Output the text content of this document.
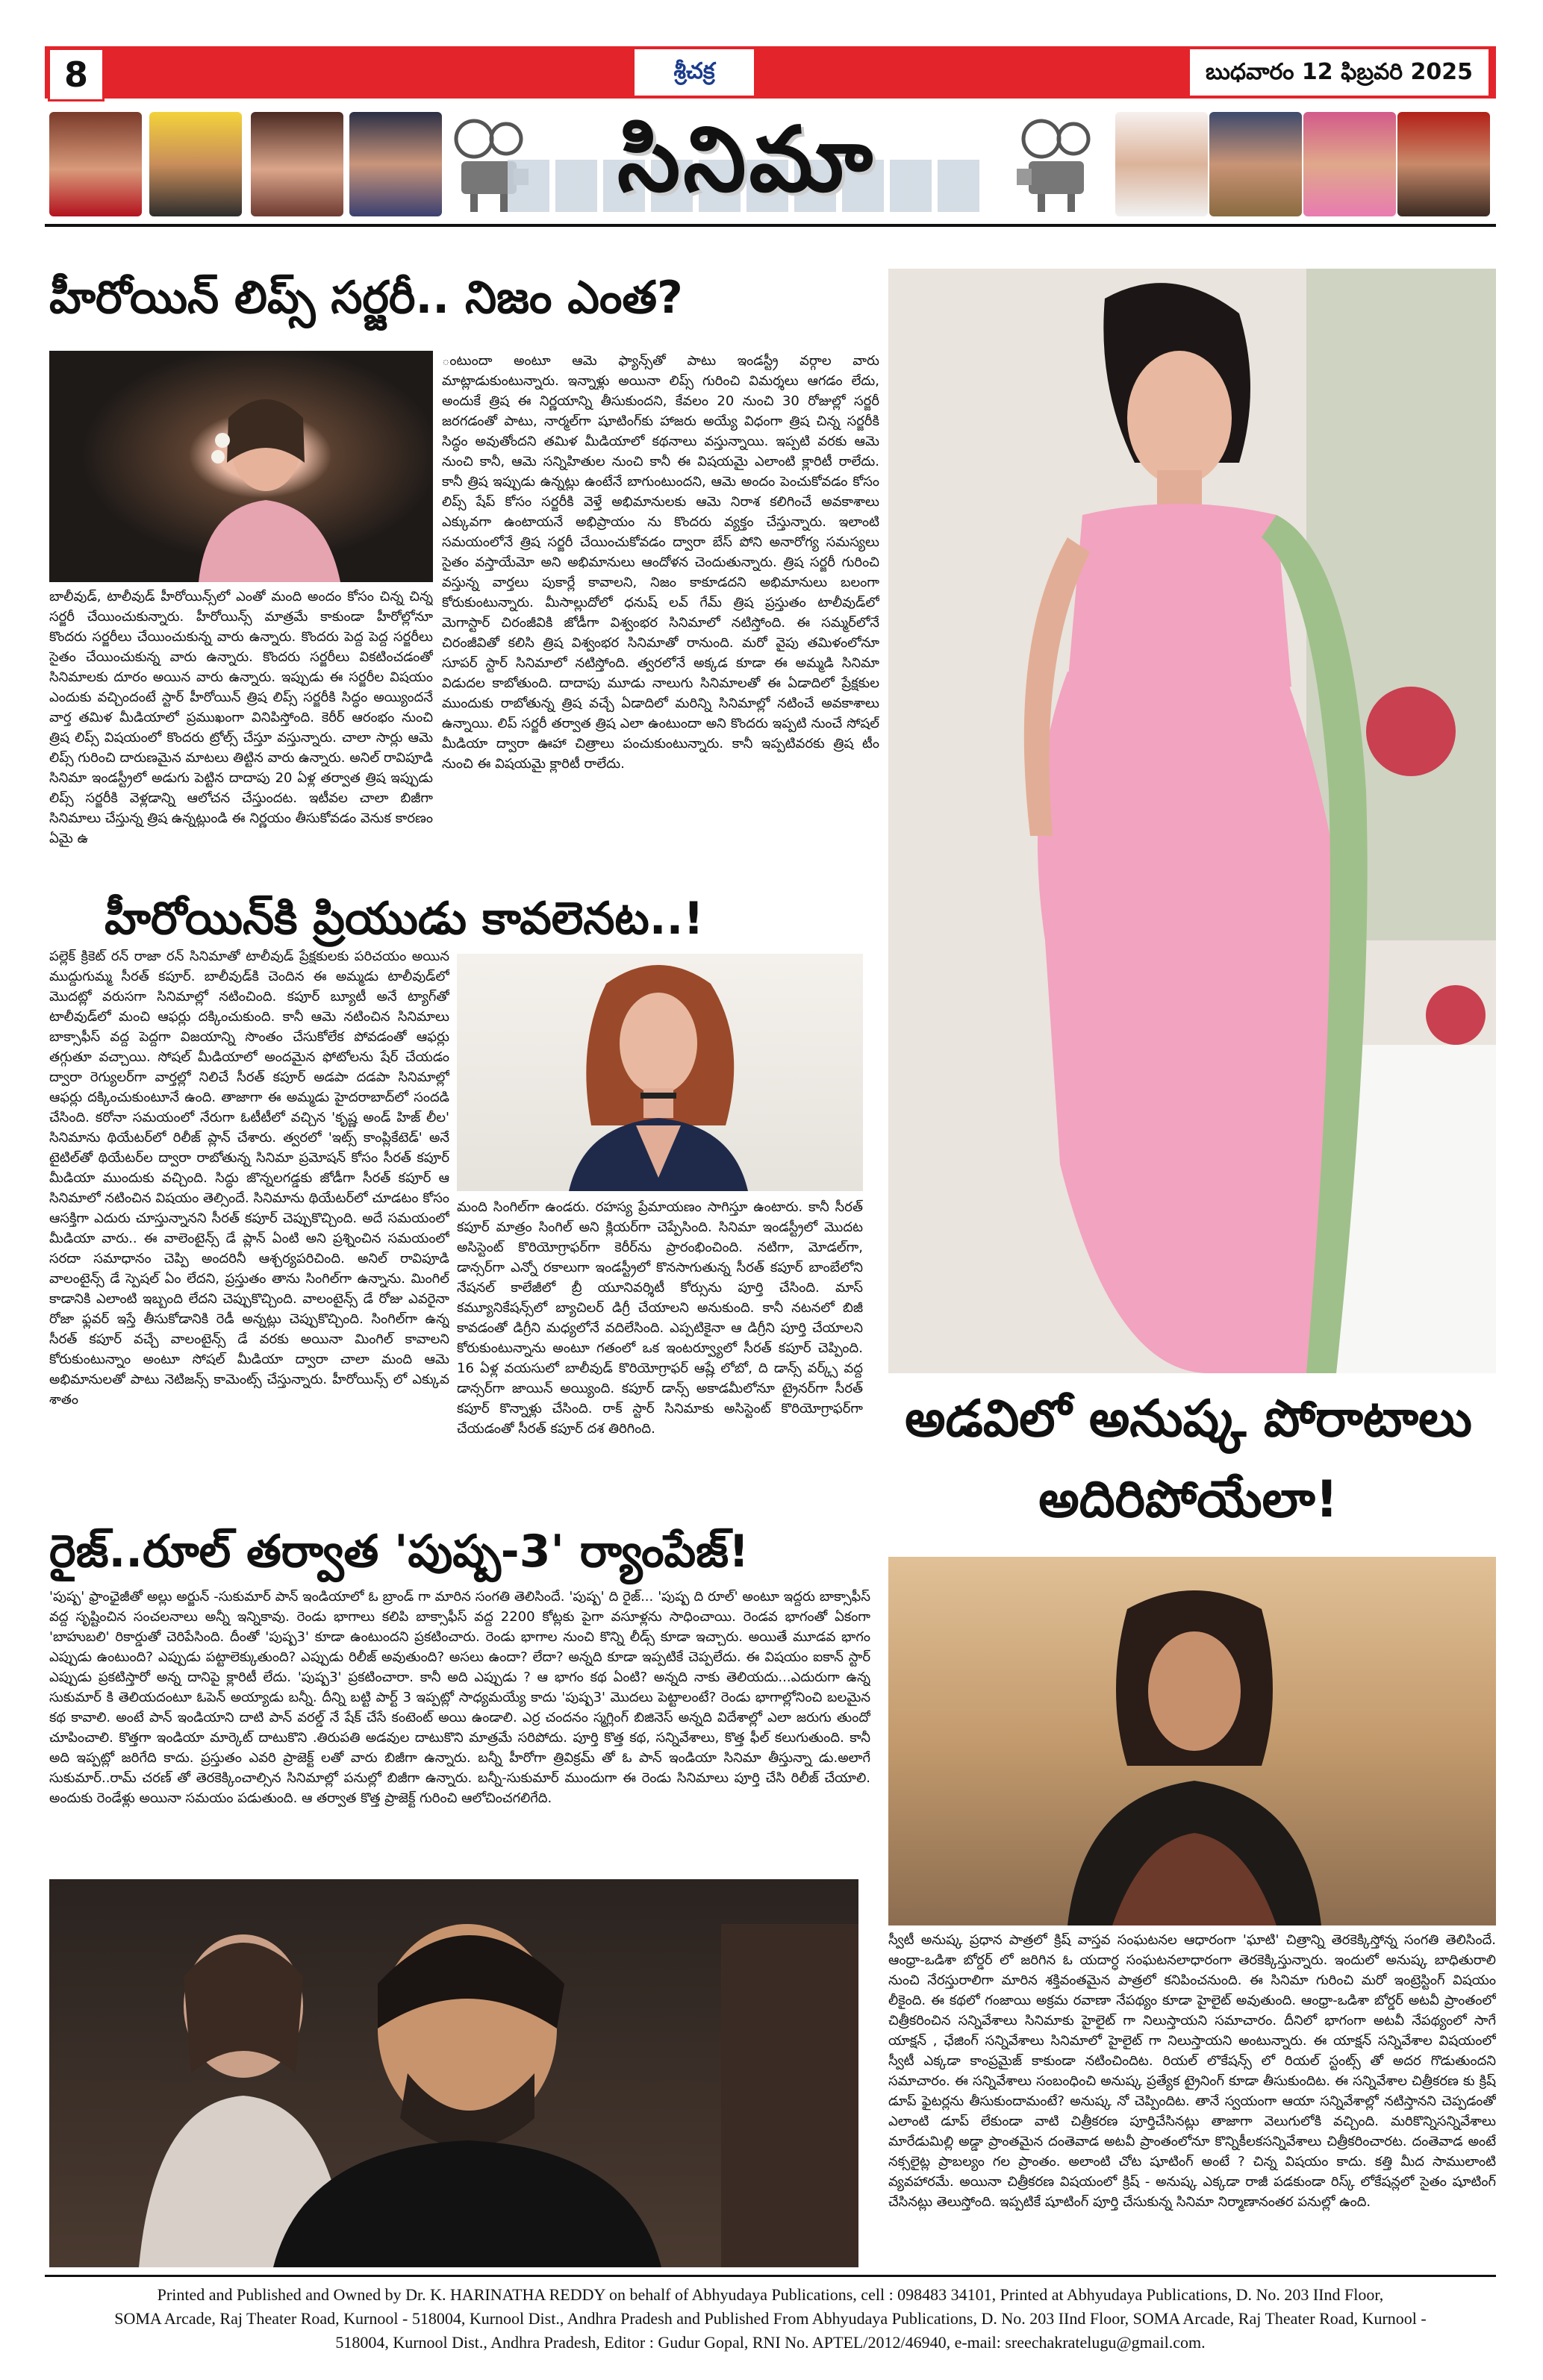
8	శ్రీచక్ర	బుధవారం 12 ఫిబ్రవరి 2025
సినిమా
హీరోయిన్ లిప్స్ సర్జరీ.. నిజం ఎంత?
బాలీవుడ్, టాలీవుడ్ హీరోయిన్స్‌లో ఎంతో మంది అందం కోసం చిన్న చిన్న సర్జరీ చేయించుకున్నారు. హీరోయిన్స్ మాత్రమే కాకుండా హీరోల్లోనూ కొందరు సర్జరీలు చేయించుకున్న వారు ఉన్నారు. కొందరు పెద్ద పెద్ద సర్జరీలు సైతం చేయించుకున్న వారు ఉన్నారు. కొందరు సర్జరీలు వికటించడంతో సినిమాలకు దూరం అయిన వారు ఉన్నారు. ఇప్పుడు ఈ సర్జరీల విషయం ఎందుకు వచ్చిందంటే స్టార్ హీరోయిన్ త్రిష లిప్స్ సర్జరీకి సిద్ధం అయ్యిందనే వార్త తమిళ మీడియాలో ప్రముఖంగా వినిపిస్తోంది. కెరీర్ ఆరంభం నుంచి త్రిష లిప్స్ విషయంలో కొందరు ట్రోల్స్ చేస్తూ వస్తున్నారు. చాలా సార్లు ఆమె లిప్స్ గురించి దారుణమైన మాటలు తిట్టిన వారు ఉన్నారు. అనిల్ రావిపూడి సినిమా ఇండస్ట్రీలో అడుగు పెట్టిన దాదాపు 20 ఏళ్ల తర్వాత త్రిష ఇప్పుడు లిప్స్ సర్జరీకి వెళ్లడాన్ని ఆలోచన చేస్తుందట. ఇటీవల చాలా బిజీగా సినిమాలు చేస్తున్న త్రిష ఉన్నట్లుండి ఈ నిర్ణయం తీసుకోవడం వెనుక కారణం ఏమై ఉ
ంటుందా అంటూ ఆమె ఫ్యాన్స్‌తో పాటు ఇండస్ట్రీ వర్గాల వారు మాట్లాడుకుంటున్నారు. ఇన్నాళ్లు అయినా లిప్స్ గురించి విమర్శలు ఆగడం లేదు, అందుకే త్రిష ఈ నిర్ణయాన్ని తీసుకుందని, కేవలం 20 నుంచి 30 రోజుల్లో సర్జరీ జరగడంతో పాటు, నార్మల్‌గా షూటింగ్‌కు హాజరు అయ్యే విధంగా త్రిష చిన్న సర్జరీకి సిద్ధం అవుతోందని తమిళ మీడియాలో కథనాలు వస్తున్నాయి. ఇప్పటి వరకు ఆమె నుంచి కానీ, ఆమె సన్నిహితుల నుంచి కానీ ఈ విషయమై ఎలాంటి క్లారిటీ రాలేదు. కానీ త్రిష ఇప్పుడు ఉన్నట్లు ఉంటేనే బాగుంటుందని, ఆమె అందం పెంచుకోవడం కోసం లిప్స్ షేప్ కోసం సర్జరీకి వెళ్తే అభిమానులకు ఆమె నిరాశ కలిగించే అవకాశాలు ఎక్కువగా ఉంటాయనే అభిప్రాయం ను కొందరు వ్యక్తం చేస్తున్నారు. ఇలాంటి సమయంలోనే త్రిష సర్జరీ చేయించుకోవడం ద్వారా బేస్ పోని అనారోగ్య సమస్యలు సైతం వస్తాయేమో అని అభిమానులు ఆందోళన చెందుతున్నారు. త్రిష సర్జరీ గురించి వస్తున్న వార్తలు పుకార్లే కావాలని, నిజం కాకూడదని అభిమానులు బలంగా కోరుకుంటున్నారు. మీసాల్లుదోలో ధనుష్ లవ్ గేమ్ త్రిష ప్రస్తుతం టాలీవుడ్‌లో మెగాస్టార్ చిరంజీవికి జోడీగా విశ్వంభర సినిమాలో నటిస్తోంది. ఈ సమ్మర్‌లోనే చిరంజీవితో కలిసి త్రిష విశ్వంభర సినిమాతో రానుంది. మరో వైపు తమిళంలోనూ సూపర్ స్టార్ సినిమాలో నటిస్తోంది. త్వరలోనే అక్కడ కూడా ఈ అమ్మడి సినిమా విడుదల కాబోతుంది. దాదాపు మూడు నాలుగు సినిమాలతో ఈ ఏడాదిలో ప్రేక్షకుల ముందుకు రాబోతున్న త్రిష వచ్చే ఏడాదిలో మరిన్ని సినిమాల్లో నటించే అవకాశాలు ఉన్నాయి. లిప్ సర్జరీ తర్వాత త్రిష ఎలా ఉంటుందా అని కొందరు ఇప్పటి నుంచే సోషల్ మీడియా ద్వారా ఊహా చిత్రాలు పంచుకుంటున్నారు. కానీ ఇప్పటివరకు త్రిష టీం నుంచి ఈ విషయమై క్లారిటీ రాలేదు.
హీరోయిన్‌కి ప్రియుడు కావలెనట..!
పల్లెక్ క్రికెట్ రన్ రాజా రన్ సినిమాతో టాలీవుడ్ ప్రేక్షకులకు పరిచయం అయిన ముద్దుగుమ్మ సీరత్ కపూర్. బాలీవుడ్‌కి చెందిన ఈ అమ్మడు టాలీవుడ్‌లో మొదట్లో వరుసగా సినిమాల్లో నటించింది. కపూర్ బ్యూటీ అనే ట్యాగ్‌తో టాలీవుడ్‌లో మంచి ఆఫర్లు దక్కించుకుంది. కానీ ఆమె నటించిన సినిమాలు బాక్సాఫీస్ వద్ద పెద్దగా విజయాన్ని సొంతం చేసుకోలేక పోవడంతో ఆఫర్లు తగ్గుతూ వచ్చాయి. సోషల్ మీడియాలో అందమైన ఫోటోలను షేర్ చేయడం ద్వారా రెగ్యులర్‌గా వార్తల్లో నిలిచే సీరత్ కపూర్ అడపా దడపా సినిమాల్లో ఆఫర్లు దక్కించుకుంటూనే ఉంది. తాజాగా ఈ అమ్మడు హైదరాబాద్‌లో సందడి చేసింది. కరోనా సమయంలో నేరుగా ఓటీటీలో వచ్చిన 'కృష్ణ అండ్ హిజ్ లీల' సినిమాను థియేటర్‌లో రిలీజ్ ప్లాన్ చేశారు. త్వరలో 'ఇట్స్ కాంప్లికేటెడ్' అనే టైటిల్‌తో థియేటర్‌ల ద్వారా రాబోతున్న సినిమా ప్రమోషన్ కోసం సీరత్ కపూర్ మీడియా ముందుకు వచ్చింది. సిద్ధు జొన్నలగడ్డకు జోడీగా సీరత్ కపూర్ ఆ సినిమాలో నటించిన విషయం తెల్సిందే. సినిమాను థియేటర్‌లో చూడటం కోసం ఆసక్తిగా ఎదురు చూస్తున్నానని సీరత్ కపూర్ చెప్పుకొచ్చింది. అదే సమయంలో మీడియా వారు.. ఈ వాలెంటైన్స్ డే ప్లాన్ ఏంటి అని ప్రశ్నించిన సమయంలో సరదా సమాధానం చెప్పి అందరినీ ఆశ్చర్యపరిచింది. అనిల్ రావిపూడి వాలంటైన్స్ డే స్పెషల్ ఏం లేదని, ప్రస్తుతం తాను సింగిల్‌గా ఉన్నాను. మింగిల్ కాడానికి ఎలాంటి ఇబ్బంది లేదని చెప్పుకొచ్చింది. వాలంటైన్స్ డే రోజు ఎవరైనా రోజా ఫ్లవర్ ఇస్తే తీసుకోడానికి రెడీ అన్నట్లు చెప్పుకొచ్చింది. సింగిల్‌గా ఉన్న సీరత్ కపూర్ వచ్చే వాలంటైన్స్ డే వరకు అయినా మింగిల్ కావాలని కోరుకుంటున్నాం అంటూ సోషల్ మీడియా ద్వారా చాలా మంది ఆమె అభిమానులతో పాటు నెటిజన్స్ కామెంట్స్ చేస్తున్నారు. హీరోయిన్స్ లో ఎక్కువ శాతం
మంది సింగిల్‌గా ఉండరు. రహస్య ప్రేమాయణం సాగిస్తూ ఉంటారు. కానీ సీరత్ కపూర్ మాత్రం సింగిల్ అని క్లియర్‌గా చెప్పేసింది. సినిమా ఇండస్ట్రీలో మొదట అసిస్టెంట్ కొరియోగ్రాఫర్‌గా కెరీర్‌ను ప్రారంభించింది. నటిగా, మోడల్‌గా, డాన్సర్‌గా ఎన్నో రకాలుగా ఇండస్ట్రీలో కొనసాగుతున్న సీరత్ కపూర్ బాంబేలోని నేషనల్ కాలేజీలో బ్రీ యూనివర్శిటీ కోర్సును పూర్తి చేసింది. మాస్ కమ్యూనికేషన్స్‌లో బ్యాచిలర్ డిగ్రీ చేయాలని అనుకుంది. కానీ నటనలో బిజీ కావడంతో డిగ్రీని మధ్యలోనే వదిలేసింది. ఎప్పటికైనా ఆ డిగ్రీని పూర్తి చేయాలని కోరుకుంటున్నాను అంటూ గతంలో ఒక ఇంటర్వ్యూలో సీరత్ కపూర్ చెప్పింది. 16 ఏళ్ల వయసులో బాలీవుడ్ కొరియోగ్రాఫర్ ఆష్లే లోబో, ది డాన్స్ వర్క్స్ వద్ద డాన్సర్‌గా జాయిన్ అయ్యింది. కపూర్ డాన్స్ అకాడమీలోనూ ట్రైనర్‌గా సీరత్ కపూర్ కొన్నాళ్లు చేసింది. రాక్ స్టార్ సినిమాకు అసిస్టెంట్ కొరియోగ్రాఫర్‌గా చేయడంతో సీరత్ కపూర్ దశ తిరిగింది.	అడవిలో అనుష్క పోరాటాలు
అదిరిపోయేలా!
రైజ్..రూల్ తర్వాత 'పుష్ప-3' ర్యాంపేజ్!
'పుష్ప' ఫ్రాంఛైజీతో అల్లు అర్జున్ -సుకుమార్ పాన్ ఇండియాలో ఓ బ్రాండ్ గా మారిన సంగతి తెలిసిందే. 'పుష్ప' ది రైజ్... 'పుష్ప ది రూల్' అంటూ ఇద్దరు బాక్సాఫీస్ వద్ద సృష్టించిన సంచలనాలు అన్నీ ఇన్నికావు. రెండు భాగాలు కలిపి బాక్సాఫీస్ వద్ద 2200 కోట్లకు పైగా వసూళ్లను సాధించాయి. రెండవ భాగంతో ఏకంగా 'బాహుబలి' రికార్డుతో చెరిపేసింది. దీంతో 'పుష్ప3' కూడా ఉంటుందని ప్రకటించారు. రెండు భాగాల నుంచి కొన్ని లీడ్స్ కూడా ఇచ్చారు. అయితే మూడవ భాగం ఎప్పుడు ఉంటుంది? ఎప్పుడు పట్టాలెక్కుతుంది? ఎప్పుడు రిలీజ్ అవుతుంది? అసలు ఉందా? లేదా? అన్నది కూడా ఇప్పటికే చెప్పలేదు. ఈ విషయం ఐకాన్ స్టార్ ఎప్పుడు ప్రకటిస్తారో అన్న దానిపై క్లారిటీ లేదు. 'పుష్ప3' ప్రకటించారా. కానీ అది ఎప్పుడు ? ఆ భాగం కథ ఏంటి? అన్నది నాకు తెలియదు...ఎదురుగా ఉన్న సుకుమార్ కి తెలియదంటూ ఓపెన్ అయ్యాడు బన్నీ. దీన్ని బట్టి పార్ట్ 3 ఇప్పట్లో సాధ్యమయ్యే కాదు 'పుష్ప3' మొదలు పెట్టాలంటే? రెండు భాగాల్లోనించి బలమైన కథ కావాలి. అంటే పాన్ ఇండియాని దాటి పాన్ వరల్డ్ నే షేక్ చేసే కంటెంట్ అయి ఉండాలి. ఎర్ర చందనం స్మగ్లింగ్ బిజినెస్ అన్నది విదేశాల్లో ఎలా జరుగు తుందో చూపించాలి. కొత్తగా ఇండియా మార్కెట్ దాటుకొని .తిరుపతి అడవుల దాటుకొని మాత్రమే సరిపోదు. పూర్తి కొత్త కథ, సన్నివేశాలు, కొత్త ఫీల్ కలుగుతుంది. కానీ అది ఇప్పట్లో జరిగేది కాదు. ప్రస్తుతం ఎవరి ప్రాజెక్ట్ లతో వారు బిజీగా ఉన్నారు. బన్నీ హీరోగా త్రివిక్రమ్ తో ఓ పాన్ ఇండియా సినిమా తీస్తున్నా డు.అలాగే సుకుమార్..రామ్ చరణ్ తో తెరకెక్కించాల్సిన సినిమాల్లో పనుల్లో బిజీగా ఉన్నారు. బన్నీ-సుకుమార్ ముందుగా ఈ రెండు సినిమాలు పూర్తి చేసి రిలీజ్ చేయాలి. అందుకు రెండేళ్లు అయినా సమయం పడుతుంది. ఆ తర్వాత కొత్త ప్రాజెక్ట్ గురించి ఆలోచించగలిగేది.
స్వీటీ అనుష్క ప్రధాన పాత్రలో క్రిష్ వాస్తవ సంఘటనల ఆధారంగా 'ఘాటి' చిత్రాన్ని తెరకెక్కిస్తోన్న సంగతి తెలిసిందే. ఆంధ్రా-ఒడిశా బోర్డర్ లో జరిగిన ఓ యదార్ధ సంఘటనలాధారంగా తెరకెక్కిస్తున్నారు. ఇందులో అనుష్క బాధితురాలి నుంచి నేరస్తురాలిగా మారిన శక్తివంతమైన పాత్రలో కనిపించనుంది. ఈ సినిమా గురించి మరో ఇంట్రెస్టింగ్ విషయం లీకైంది. ఈ కథలో గంజాయి అక్రమ రవాణా నేపథ్యం కూడా హైలైట్ అవుతుంది. ఆంధ్రా-ఒడిశా బోర్డర్ అటవీ ప్రాంతంలో చిత్రీకరించిన సన్నివేశాలు సినిమాకు హైలైట్ గా నిలుస్తాయని సమాచారం. దీనిలో భాగంగా అటవీ నేపథ్యంలో సాగే యాక్షన్ , ఛేజింగ్ సన్నివేశాలు సినిమాలో హైలైట్ గా నిలుస్తాయని అంటున్నారు. ఈ యాక్షన్ సన్నివేశాల విషయంలో స్వీటీ ఎక్కడా కాంప్రమైజ్ కాకుండా నటించిందిట. రియల్ లొకేషన్స్ లో రియల్ స్టంట్స్ తో అదర గొడుతుందని సమాచారం. ఈ సన్నివేశాలు సంబంధించి అనుష్క ప్రత్యేక ట్రైనింగ్ కూడా తీసుకుందిట. ఈ సన్నివేశాల చిత్రీకరణ కు క్రిష్ డూప్ ఫైటర్లను తీసుకుందామంటే? అనుష్క నో చెప్పిందిట. తానే స్వయంగా ఆయా సన్నివేశాల్లో నటిస్తానని చెప్పడంతో ఎలాంటి డూప్ లేకుండా వాటి చిత్రీకరణ పూర్తిచేసినట్లు తాజాగా వెలుగులోకి వచ్చింది. మరికొన్నిసన్నివేశాలు మారేడుమిల్లి అడ్డా ప్రాంతమైన దంతెవాడ అటవీ ప్రాంతంలోనూ కొన్నికీలకసన్నివేశాలు చిత్రీకరించారట. దంతెవాడ అంటే నక్సలైట్ల ప్రాబల్యం గల ప్రాంతం. అలాంటి చోట షూటింగ్ అంటే ? చిన్న విషయం కాదు. కత్తి మీద సాములాంటి వ్యవహారమే. అయినా చిత్రీకరణ విషయంలో క్రిష్ - అనుష్క ఎక్కడా రాజీ పడకుండా రిస్క్ లోకేషన్లలో సైతం షూటింగ్ చేసినట్లు తెలుస్తోంది. ఇప్పటికే షూటింగ్ పూర్తి చేసుకున్న సినిమా నిర్మాణానంతర పనుల్లో ఉంది.
Printed and Published and Owned by Dr. K. HARINATHA REDDY on behalf of Abhyudaya Publications, cell : 098483 34101, Printed at Abhyudaya Publications, D. No. 203 IInd Floor,
SOMA Arcade, Raj Theater Road, Kurnool - 518004, Kurnool Dist., Andhra Pradesh and Published From Abhyudaya Publications, D. No. 203 IInd Floor, SOMA Arcade, Raj Theater Road, Kurnool -
518004, Kurnool Dist., Andhra Pradesh, Editor : Gudur Gopal, RNI No. APTEL/2012/46940, e-mail: sreechakratelugu@gmail.com.
